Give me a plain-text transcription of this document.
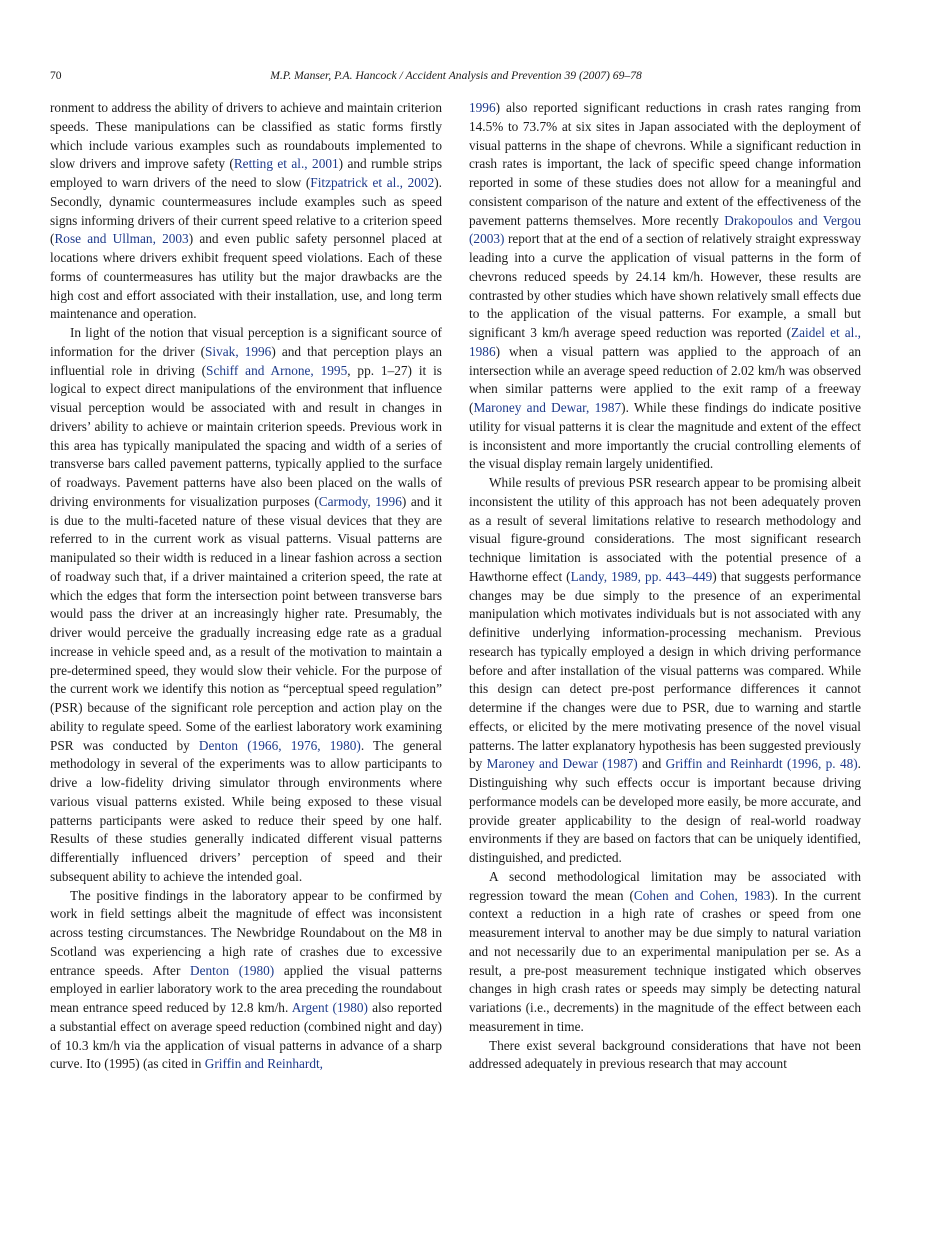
70	M.P. Manser, P.A. Hancock / Accident Analysis and Prevention 39 (2007) 69–78

ronment to address the ability of drivers to achieve and maintain criterion speeds. These manipulations can be classified as static forms firstly which include various examples such as roundabouts implemented to slow drivers and improve safety (Retting et al., 2001) and rumble strips employed to warn drivers of the need to slow (Fitzpatrick et al., 2002). Secondly, dynamic countermeasures include examples such as speed signs informing drivers of their current speed relative to a criterion speed (Rose and Ullman, 2003) and even public safety personnel placed at locations where drivers exhibit frequent speed violations. Each of these forms of countermeasures has utility but the major drawbacks are the high cost and effort associated with their installation, use, and long term maintenance and operation.

In light of the notion that visual perception is a significant source of information for the driver (Sivak, 1996) and that perception plays an influential role in driving (Schiff and Arnone, 1995, pp. 1–27) it is logical to expect direct manipulations of the environment that influence visual perception would be associated with and result in changes in drivers’ ability to achieve or maintain criterion speeds. Previous work in this area has typically manipulated the spacing and width of a series of transverse bars called pavement patterns, typically applied to the surface of roadways. Pavement patterns have also been placed on the walls of driving environments for visualization purposes (Carmody, 1996) and it is due to the multi-faceted nature of these visual devices that they are referred to in the current work as visual patterns. Visual patterns are manipulated so their width is reduced in a linear fashion across a section of roadway such that, if a driver maintained a criterion speed, the rate at which the edges that form the intersection point between transverse bars would pass the driver at an increasingly higher rate. Presumably, the driver would perceive the gradually increasing edge rate as a gradual increase in vehicle speed and, as a result of the motivation to maintain a pre-determined speed, they would slow their vehicle. For the purpose of the current work we identify this notion as “perceptual speed regulation” (PSR) because of the significant role perception and action play on the ability to regulate speed. Some of the earliest laboratory work examining PSR was conducted by Denton (1966, 1976, 1980). The general methodology in several of the experiments was to allow participants to drive a low-fidelity driving simulator through environments where various visual patterns existed. While being exposed to these visual patterns participants were asked to reduce their speed by one half. Results of these studies generally indicated different visual patterns differentially influenced drivers’ perception of speed and their subsequent ability to achieve the intended goal.

The positive findings in the laboratory appear to be confirmed by work in field settings albeit the magnitude of effect was inconsistent across testing circumstances. The Newbridge Roundabout on the M8 in Scotland was experiencing a high rate of crashes due to excessive entrance speeds. After Denton (1980) applied the visual patterns employed in earlier laboratory work to the area preceding the roundabout mean entrance speed reduced by 12.8 km/h. Argent (1980) also reported a substantial effect on average speed reduction (combined night and day) of 10.3 km/h via the application of visual patterns in advance of a sharp curve. Ito (1995) (as cited in Griffin and Reinhardt,

1996) also reported significant reductions in crash rates ranging from 14.5% to 73.7% at six sites in Japan associated with the deployment of visual patterns in the shape of chevrons. While a significant reduction in crash rates is important, the lack of specific speed change information reported in some of these studies does not allow for a meaningful and consistent comparison of the nature and extent of the effectiveness of the pavement patterns themselves. More recently Drakopoulos and Vergou (2003) report that at the end of a section of relatively straight expressway leading into a curve the application of visual patterns in the form of chevrons reduced speeds by 24.14 km/h. However, these results are contrasted by other studies which have shown relatively small effects due to the application of the visual patterns. For example, a small but significant 3 km/h average speed reduction was reported (Zaidel et al., 1986) when a visual pattern was applied to the approach of an intersection while an average speed reduction of 2.02 km/h was observed when similar patterns were applied to the exit ramp of a freeway (Maroney and Dewar, 1987). While these findings do indicate positive utility for visual patterns it is clear the magnitude and extent of the effect is inconsistent and more importantly the crucial controlling elements of the visual display remain largely unidentified.

While results of previous PSR research appear to be promising albeit inconsistent the utility of this approach has not been adequately proven as a result of several limitations relative to research methodology and visual figure-ground considerations. The most significant research technique limitation is associated with the potential presence of a Hawthorne effect (Landy, 1989, pp. 443–449) that suggests performance changes may be due simply to the presence of an experimental manipulation which motivates individuals but is not associated with any definitive underlying information-processing mechanism. Previous research has typically employed a design in which driving performance before and after installation of the visual patterns was compared. While this design can detect pre-post performance differences it cannot determine if the changes were due to PSR, due to warning and startle effects, or elicited by the mere motivating presence of the novel visual patterns. The latter explanatory hypothesis has been suggested previously by Maroney and Dewar (1987) and Griffin and Reinhardt (1996, p. 48). Distinguishing why such effects occur is important because driving performance models can be developed more easily, be more accurate, and provide greater applicability to the design of real-world roadway environments if they are based on factors that can be uniquely identified, distinguished, and predicted.

A second methodological limitation may be associated with regression toward the mean (Cohen and Cohen, 1983). In the current context a reduction in a high rate of crashes or speed from one measurement interval to another may be due simply to natural variation and not necessarily due to an experimental manipulation per se. As a result, a pre-post measurement technique instigated which observes changes in high crash rates or speeds may simply be detecting natural variations (i.e., decrements) in the magnitude of the effect between each measurement in time.

There exist several background considerations that have not been addressed adequately in previous research that may account
